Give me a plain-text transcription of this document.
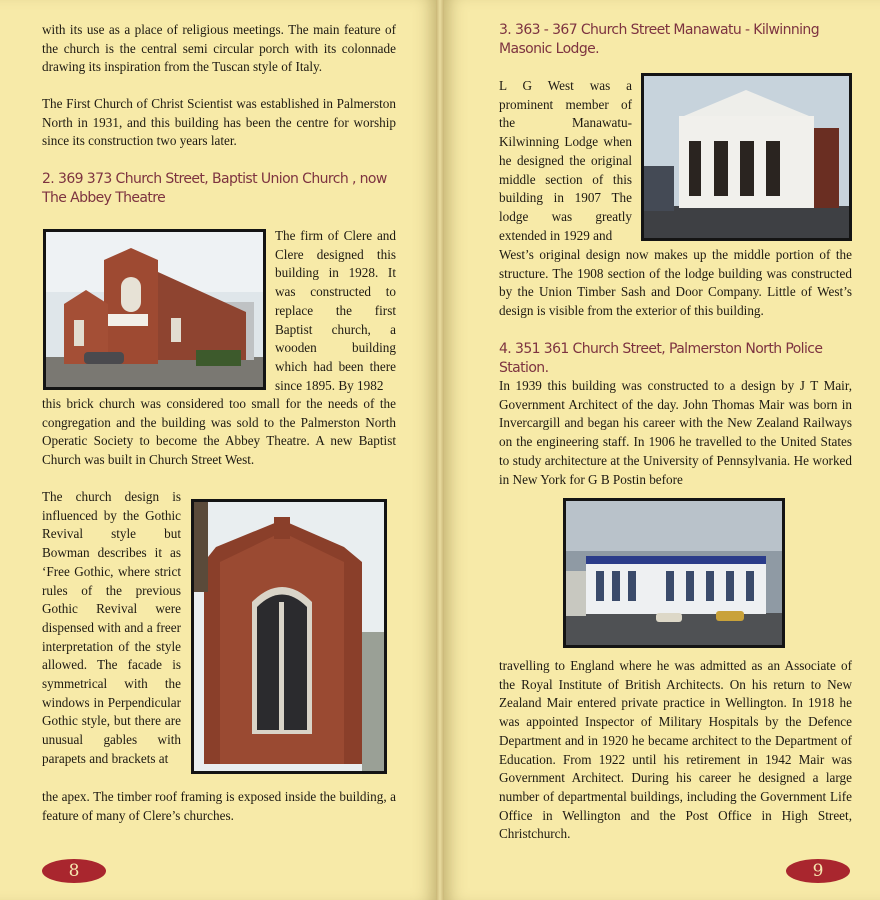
with its use as a place of religious meetings. The main feature of the church is the central semi circular porch with its colonnade drawing its inspiration from the Tuscan style of Italy.

The First Church of Christ Scientist was established in Palmerston North in 1931, and this building has been the centre for worship since its construction two years later.

2. 369 373 Church Street, Baptist Union Church , now The Abbey Theatre

The firm of Clere and Clere designed this building in 1928. It was constructed to replace the first Baptist church, a wooden building which had been there since 1895. By 1982

this brick church was considered too small for the needs of the congregation and the building was sold to the Palmerston North Operatic Society to become the Abbey Theatre. A new Baptist Church was built in Church Street West.

The church design is influenced by the Gothic Revival style but Bowman describes it as ‘Free Gothic, where strict rules of the previous Gothic Revival were dispensed with and a freer interpretation of the style allowed. The facade is symmetrical with the windows in Perpendicular Gothic style, but there are unusual gables with parapets and brackets at

the apex. The timber roof framing is exposed inside the building, a feature of many of Clere’s churches.

8
3. 363 - 367 Church Street Manawatu - Kilwinning Masonic Lodge.

L G West was a prominent member of the Manawatu-Kilwinning Lodge when he designed the original middle section of this building in 1907 The lodge was greatly extended in 1929 and

West’s original design now makes up the middle portion of the structure. The 1908 section of the lodge building was constructed by the Union Timber Sash and Door Company. Little of West’s design is visible from the exterior of this building.

4. 351 361 Church Street, Palmerston North Police Station.

In 1939 this building was constructed to a design by J T Mair, Government Architect of the day. John Thomas Mair was born in Invercargill and began his career with the New Zealand Railways on the engineering staff. In 1906 he travelled to the United States to study architecture at the University of Pennsylvania. He worked in New York for G B Postin before

travelling to England where he was admitted as an Associate of the Royal Institute of British Architects. On his return to New Zealand Mair entered private practice in Wellington. In 1918 he was appointed Inspector of Military Hospitals by the Defence Department and in 1920 he became architect to the Department of Education. From 1922 until his retirement in 1942 Mair was Government Architect. During his career he designed a large number of departmental buildings, including the Government Life Office in Wellington and the Post Office in High Street, Christchurch.

9
